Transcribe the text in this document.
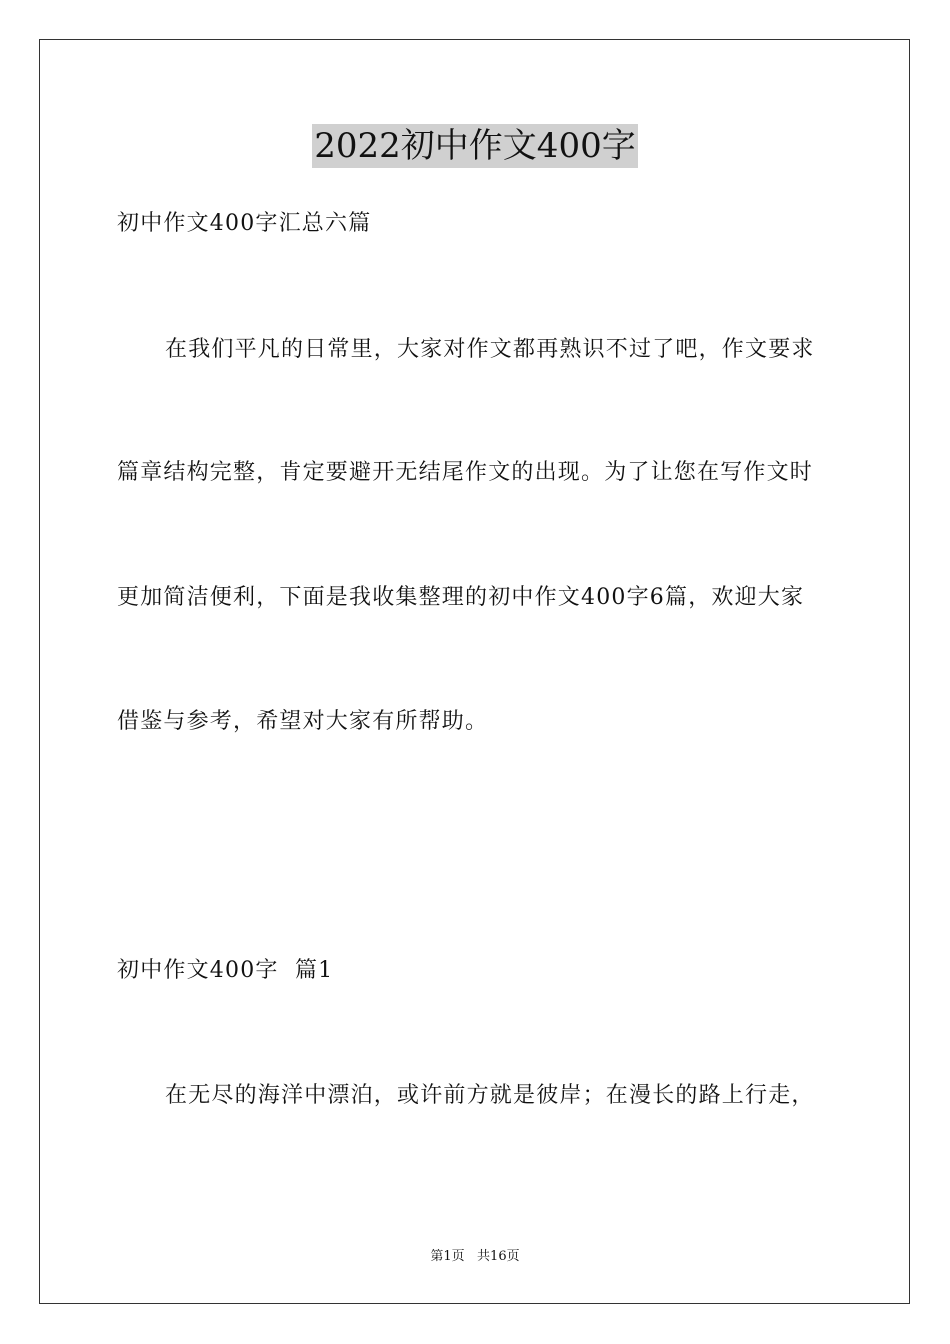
2022初中作文400字
初中作文400字汇总六篇
在我们平凡的日常里，大家对作文都再熟识不过了吧，作文要求
篇章结构完整，肯定要避开无结尾作文的出现。为了让您在写作文时
更加简洁便利，下面是我收集整理的初中作文400字6篇，欢迎大家
借鉴与参考，希望对大家有所帮助。
初中作文400字  篇1
在无尽的海洋中漂泊，或许前方就是彼岸；在漫长的路上行走，
第1页   共16页
